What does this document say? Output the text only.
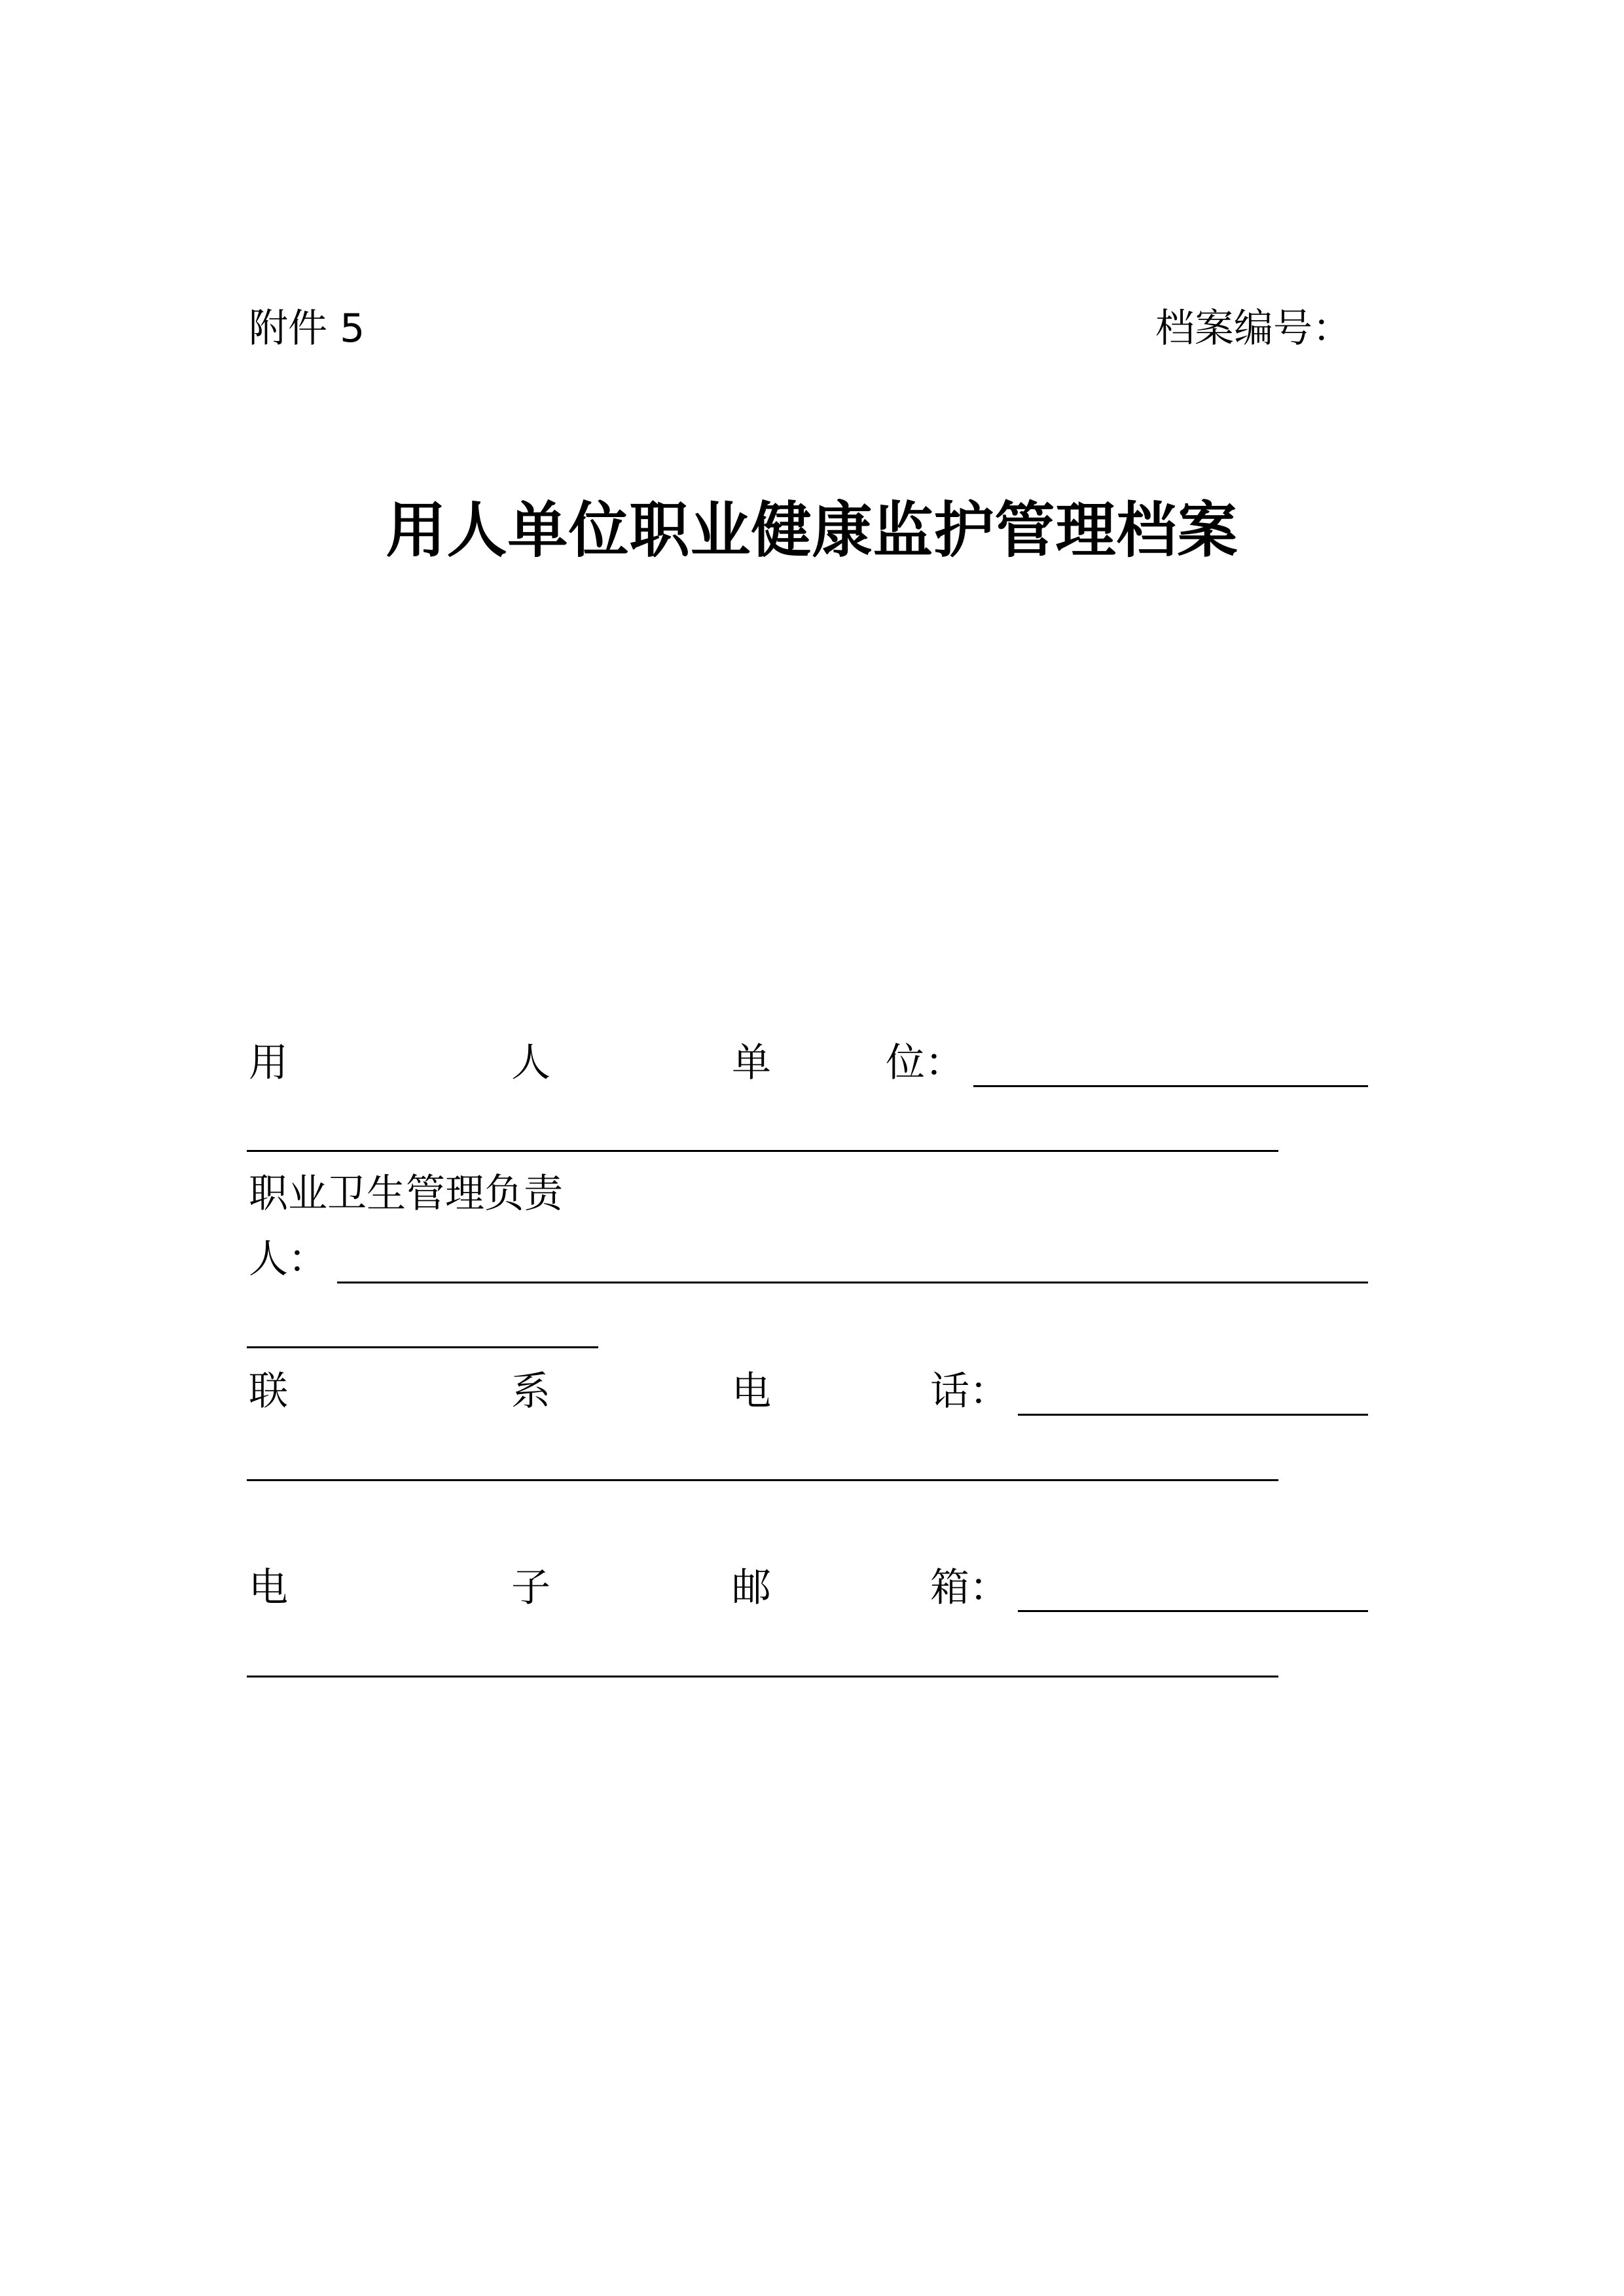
附件 5	档案编号：
用人单位职业健康监护管理档案
用	人	单	位：
职业卫生管理负责
人：
联	系	电	话：
电	子	邮	箱：
